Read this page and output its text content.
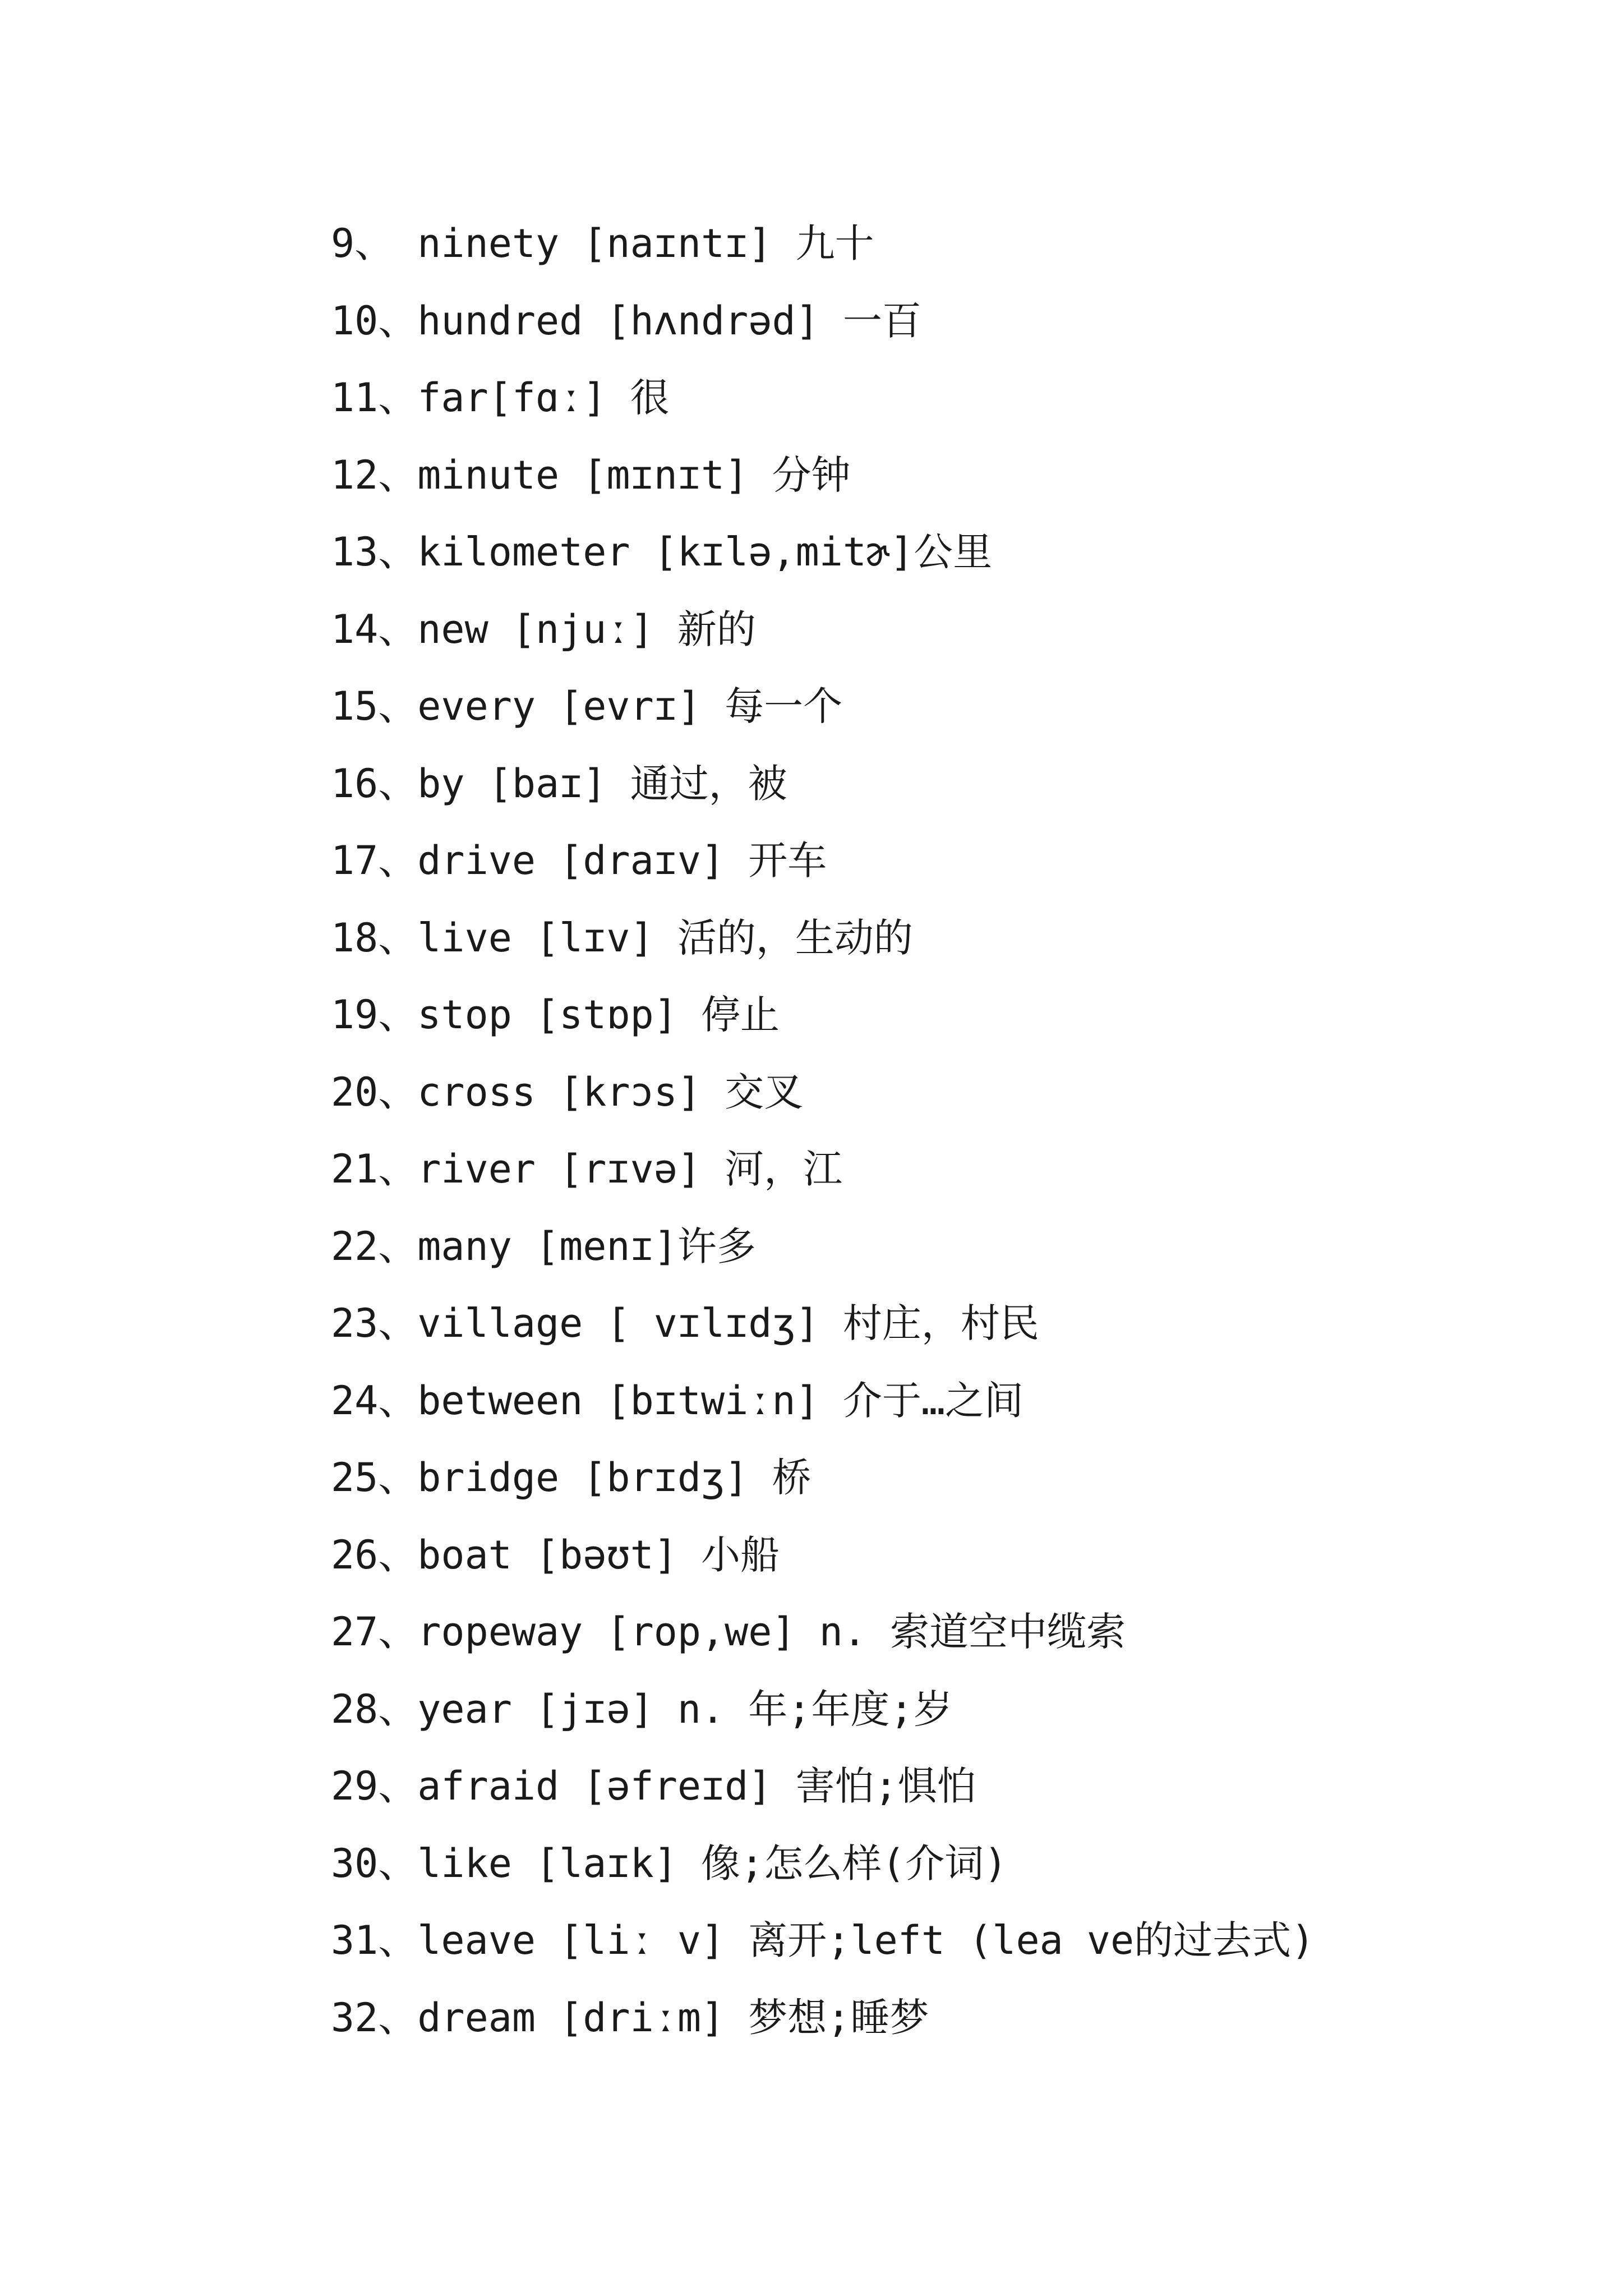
9、 ninety [naɪntɪ] 九十
10、hundred [hʌndrəd] 一百
11、far[fɑː] 很
12、minute [mɪnɪt] 分钟
13、kilometer [kɪlə,mitɚ]公里
14、new [njuː] 新的
15、every [evrɪ] 每一个
16、by [baɪ] 通过，被
17、drive [draɪv] 开车
18、live [lɪv] 活的，生动的
19、stop [stɒp] 停止
20、cross [krɔs] 交叉
21、river [rɪvə] 河，江
22、many [menɪ]许多
23、village [ vɪlɪdʒ] 村庄，村民
24、between [bɪtwiːn] 介于…之间
25、bridge [brɪdʒ] 桥
26、boat [bəʊt] 小船
27、ropeway [rop,we] n. 索道空中缆索
28、year [jɪə] n. 年;年度;岁
29、afraid [əfreɪd] 害怕;惧怕
30、like [laɪk] 像;怎么样(介词)
31、leave [liː v] 离开;left (lea ve的过去式)
32、dream [driːm] 梦想;睡梦
